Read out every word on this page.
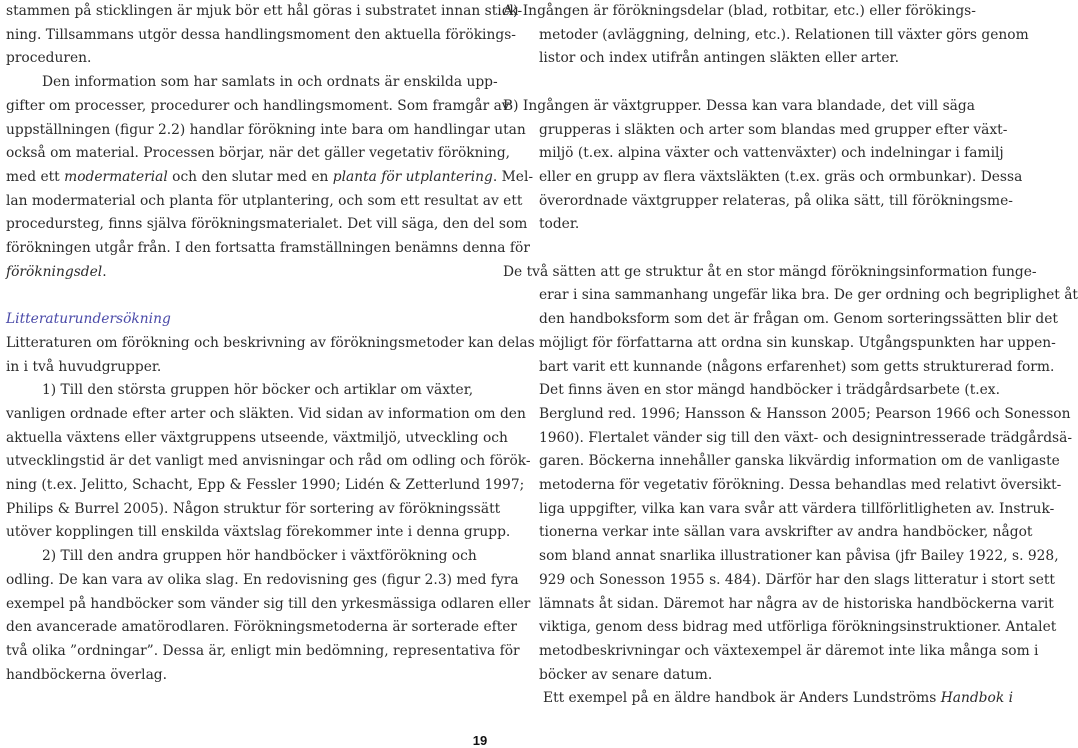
stammen på sticklingen är mjuk bör ett hål göras i substratet innan stick-
ning. Tillsammans utgör dessa handlingsmoment den aktuella förökings-
proceduren.
Den information som har samlats in och ordnats är enskilda upp-
gifter om processer, procedurer och handlingsmoment. Som framgår av
uppställningen (figur 2.2) handlar förökning inte bara om handlingar utan
också om material. Processen börjar, när det gäller vegetativ förökning,
med ett modermaterial och den slutar med en planta för utplantering. Mel-
lan modermaterial och planta för utplantering, och som ett resultat av ett
procedursteg, finns själva förökningsmaterialet. Det vill säga, den del som
förökningen utgår från. I den fortsatta framställningen benämns denna för
förökningsdel.
Litteraturundersökning
Litteraturen om förökning och beskrivning av förökningsmetoder kan delas
in i två huvudgrupper.
1) Till den största gruppen hör böcker och artiklar om växter,
vanligen ordnade efter arter och släkten. Vid sidan av information om den
aktuella växtens eller växtgruppens utseende, växtmiljö, utveckling och
utvecklingstid är det vanligt med anvisningar och råd om odling och förök-
ning (t.ex. Jelitto, Schacht, Epp & Fessler 1990; Lidén & Zetterlund 1997;
Philips & Burrel 2005). Någon struktur för sortering av förökningssätt
utöver kopplingen till enskilda växtslag förekommer inte i denna grupp.
2) Till den andra gruppen hör handböcker i växtförökning och
odling. De kan vara av olika slag. En redovisning ges (figur 2.3) med fyra
exempel på handböcker som vänder sig till den yrkesmässiga odlaren eller
den avancerade amatörodlaren. Förökningsmetoderna är sorterade efter
två olika ”ordningar”. Dessa är, enligt min bedömning, representativa för
handböckerna överlag.
A) Ingången är förökningsdelar (blad, rotbitar, etc.) eller förökings-
metoder (avläggning, delning, etc.). Relationen till växter görs genom
listor och index utifrån antingen släkten eller arter.
B) Ingången är växtgrupper. Dessa kan vara blandade, det vill säga
grupperas i släkten och arter som blandas med grupper efter växt-
miljö (t.ex. alpina växter och vattenväxter) och indelningar i familj
eller en grupp av flera växtsläkten (t.ex. gräs och ormbunkar). Dessa
överordnade växtgrupper relateras, på olika sätt, till förökningsme-
toder.
De två sätten att ge struktur åt en stor mängd förökningsinformation funge-
erar i sina sammanhang ungefär lika bra. De ger ordning och begriplighet åt
den handboksform som det är frågan om. Genom sorteringssätten blir det
möjligt för författarna att ordna sin kunskap. Utgångspunkten har uppen-
bart varit ett kunnande (någons erfarenhet) som getts strukturerad form.
Det finns även en stor mängd handböcker i trädgårdsarbete (t.ex.
Berglund red. 1996; Hansson & Hansson 2005; Pearson 1966 och Sonesson
1960). Flertalet vänder sig till den växt- och designintresserade trädgårdsä-
garen. Böckerna innehåller ganska likvärdig information om de vanligaste
metoderna för vegetativ förökning. Dessa behandlas med relativt översikt-
liga uppgifter, vilka kan vara svår att värdera tillförlitligheten av. Instruk-
tionerna verkar inte sällan vara avskrifter av andra handböcker, något
som bland annat snarlika illustrationer kan påvisa (jfr Bailey 1922, s. 928,
929 och Sonesson 1955 s. 484). Därför har den slags litteratur i stort sett
lämnats åt sidan. Däremot har några av de historiska handböckerna varit
viktiga, genom dess bidrag med utförliga förökningsinstruktioner. Antalet
metodbeskrivningar och växtexempel är däremot inte lika många som i
böcker av senare datum.
Ett exempel på en äldre handbok är Anders Lundströms Handbok i
19
